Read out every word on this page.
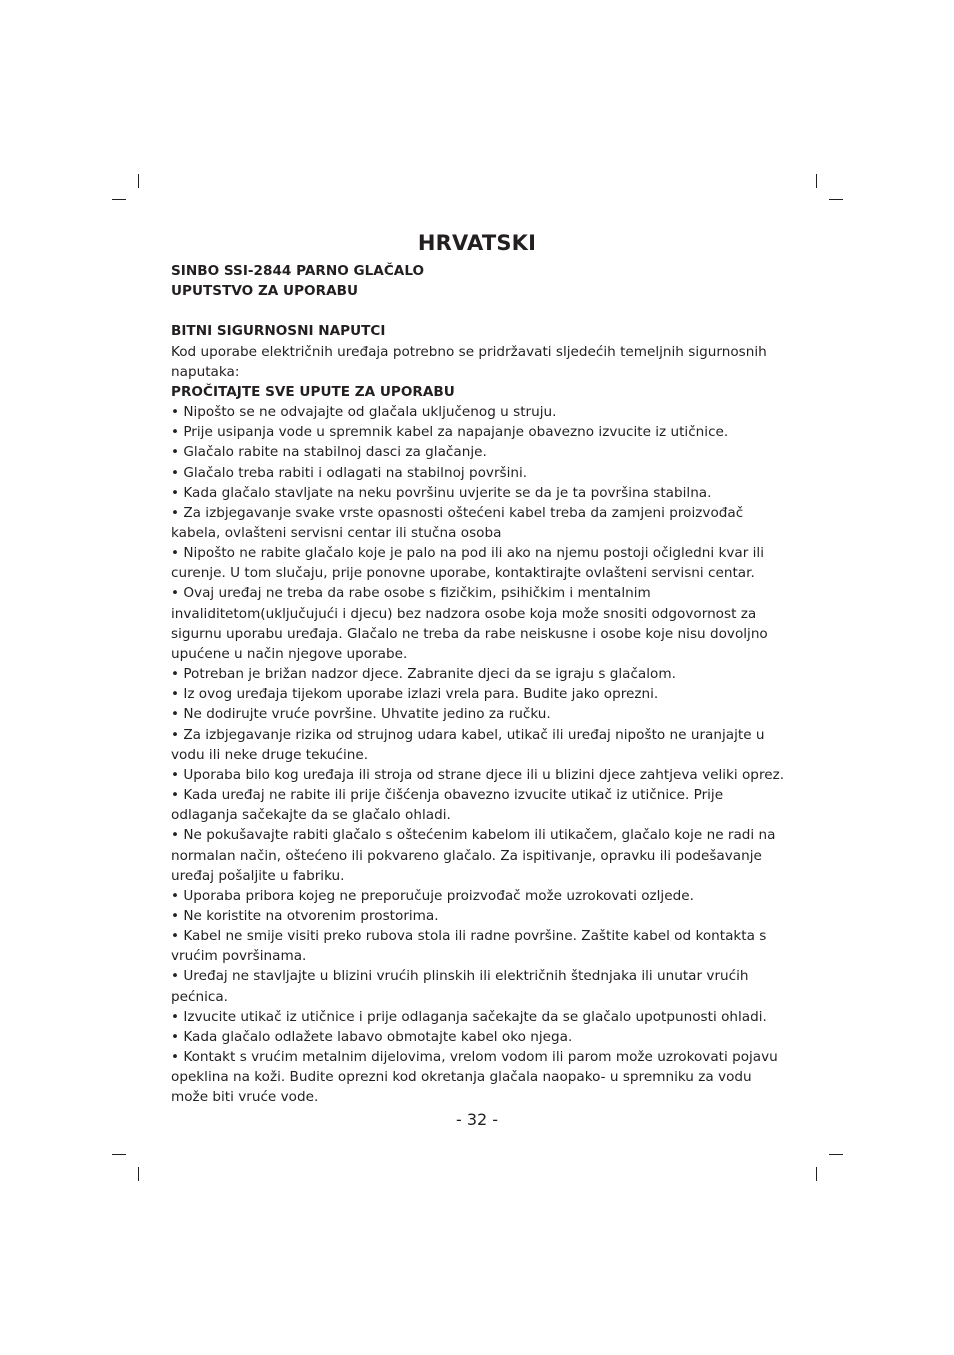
HRVATSKI

SINBO SSI-2844 PARNO GLAČALO

UPUTSTVO ZA UPORABU

BITNI SIGURNOSNI NAPUTCI

Kod uporabe električnih uređaja potrebno se pridržavati sljedećih temeljnih sigurnosnih naputaka:

PROČITAJTE SVE UPUTE ZA UPORABU

• Nipošto se ne odvajajte od glačala uključenog u struju.
• Prije usipanja vode u spremnik kabel za napajanje obavezno izvucite iz utičnice.
• Glačalo rabite na stabilnoj dasci za glačanje.
• Glačalo treba rabiti i odlagati na stabilnoj površini.
• Kada glačalo stavljate na neku površinu uvjerite se da je ta površina stabilna.
• Za izbjegavanje svake vrste opasnosti oštećeni kabel treba da zamjeni proizvođač kabela, ovlašteni servisni centar ili stučna osoba
• Nipošto ne rabite glačalo koje je palo na pod ili ako na njemu postoji očigledni kvar ili curenje. U tom slučaju, prije ponovne uporabe, kontaktirajte ovlašteni servisni centar.
• Ovaj uređaj ne treba da rabe osobe s fizičkim, psihičkim i mentalnim invaliditetom(uključujući i djecu) bez nadzora osobe koja može snositi odgovornost za sigurnu uporabu uređaja. Glačalo ne treba da rabe neiskusne i osobe koje nisu dovoljno upućene u način njegove uporabe.
• Potreban je brižan nadzor djece. Zabranite djeci da se igraju s glačalom.
• Iz ovog uređaja tijekom uporabe izlazi vrela para. Budite jako oprezni.
• Ne dodirujte vruće površine. Uhvatite jedino za ručku.
• Za izbjegavanje rizika od strujnog udara kabel, utikač ili uređaj nipošto ne uranjajte u vodu ili neke druge tekućine.
• Uporaba bilo kog uređaja ili stroja od strane djece ili u blizini djece zahtjeva veliki oprez.
• Kada uređaj ne rabite ili prije čišćenja obavezno izvucite utikač iz utičnice. Prije odlaganja sačekajte da se glačalo ohladi.
• Ne pokušavajte rabiti glačalo s oštećenim kabelom ili utikačem, glačalo koje ne radi na normalan način, oštećeno ili pokvareno glačalo. Za ispitivanje, opravku ili podešavanje uređaj pošaljite u fabriku.
• Uporaba pribora kojeg ne preporučuje proizvođač može uzrokovati ozljede.
• Ne koristite na otvorenim prostorima.
• Kabel ne smije visiti preko rubova stola ili radne površine. Zaštite kabel od kontakta s vrućim površinama.
• Uređaj ne stavljajte u blizini vrućih plinskih ili električnih štednjaka ili unutar vrućih pećnica.
• Izvucite utikač iz utičnice i prije odlaganja sačekajte da se glačalo upotpunosti ohladi.
• Kada glačalo odlažete labavo obmotajte kabel oko njega.
• Kontakt s vrućim metalnim dijelovima, vrelom vodom ili parom može uzrokovati pojavu opeklina na koži. Budite oprezni kod okretanja glačala naopako- u spremniku za vodu može biti vruće vode.
- 32 -
